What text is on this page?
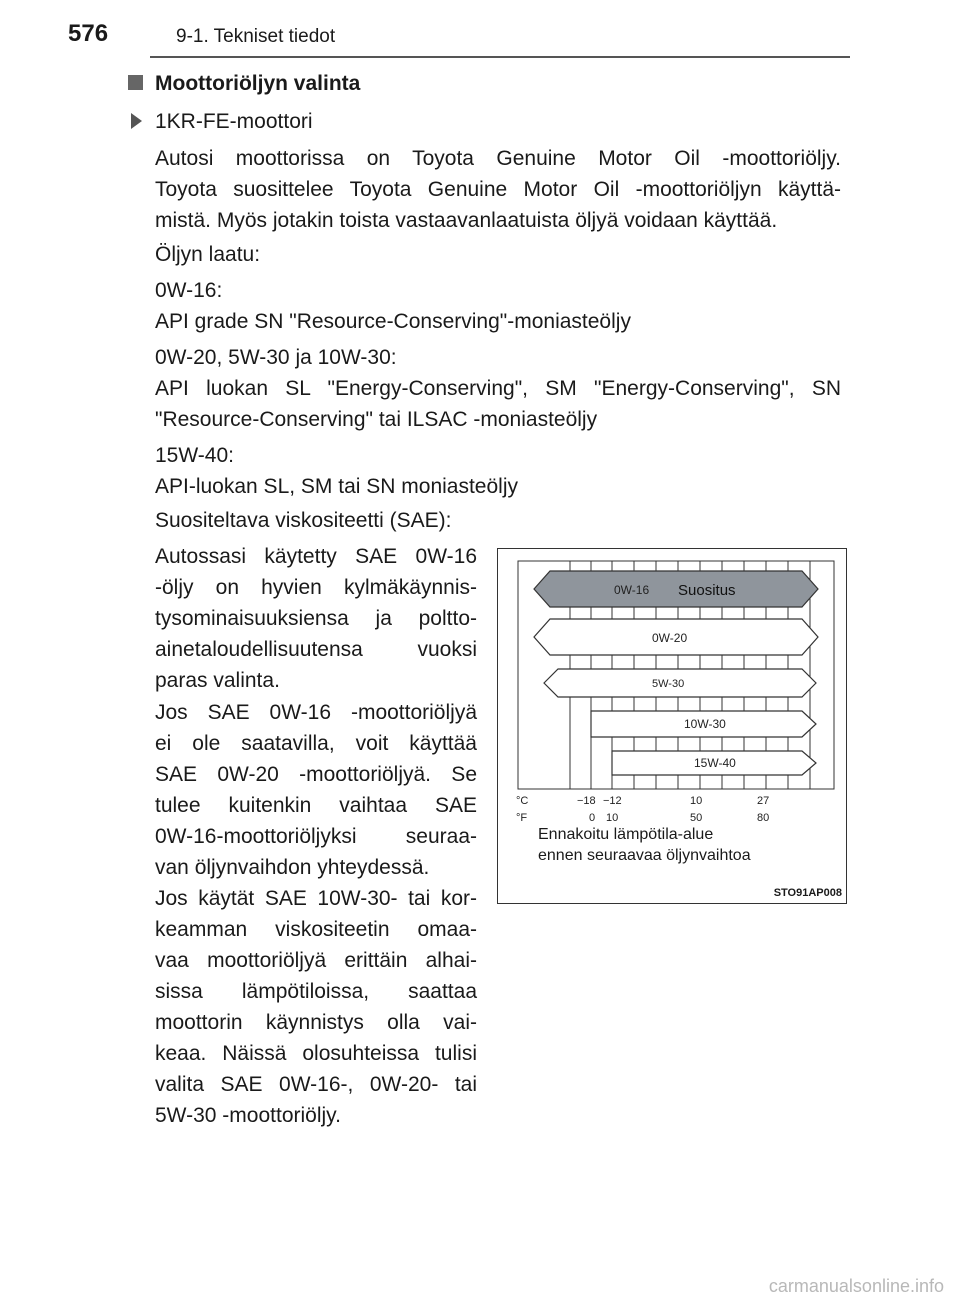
576	9-1. Tekniset tiedot
Moottoriöljyn valinta
1KR-FE-moottori
Autosi moottorissa on Toyota Genuine Motor Oil -moottoriöljy.
Toyota suosittelee Toyota Genuine Motor Oil -moottoriöljyn käyttä-
mistä. Myös jotakin toista vastaavanlaatuista öljyä voidaan käyttää.
Öljyn laatu:
0W-16:
API grade SN "Resource-Conserving"-moniasteöljy
0W-20, 5W-30 ja 10W-30:
API luokan SL "Energy-Conserving", SM "Energy-Conserving", SN
"Resource-Conserving" tai ILSAC -moniasteöljy
15W-40:
API-luokan SL, SM tai SN moniasteöljy
Suositeltava viskositeetti (SAE):
Autossasi käytetty SAE 0W-16
-öljy on hyvien kylmäkäynnis-
tysominaisuuksiensa ja poltto-
ainetaloudellisuutensa vuoksi
paras valinta.
Jos SAE 0W-16 -moottoriöljyä
ei ole saatavilla, voit käyttää
SAE 0W-20 -moottoriöljyä. Se
tulee kuitenkin vaihtaa SAE
0W-16-moottoriöljyksi seuraa-
van öljynvaihdon yhteydessä.
Jos käytät SAE 10W-30- tai kor-
keamman viskositeetin omaa-
vaa moottoriöljyä erittäin alhai-
sissa lämpötiloissa, saattaa
moottorin käynnistys olla vai-
keaa. Näissä olosuhteissa tulisi
valita SAE 0W-16-, 0W-20- tai
5W-30 -moottoriöljy.
0W-16 Suositus
0W-20
5W-30
10W-30
15W-40
°C	−18 −12	10	27
°F	0 10	50	80
Ennakoitu lämpötila-alue
ennen seuraavaa öljynvaihtoa
STO91AP008
carmanualsonline.info
